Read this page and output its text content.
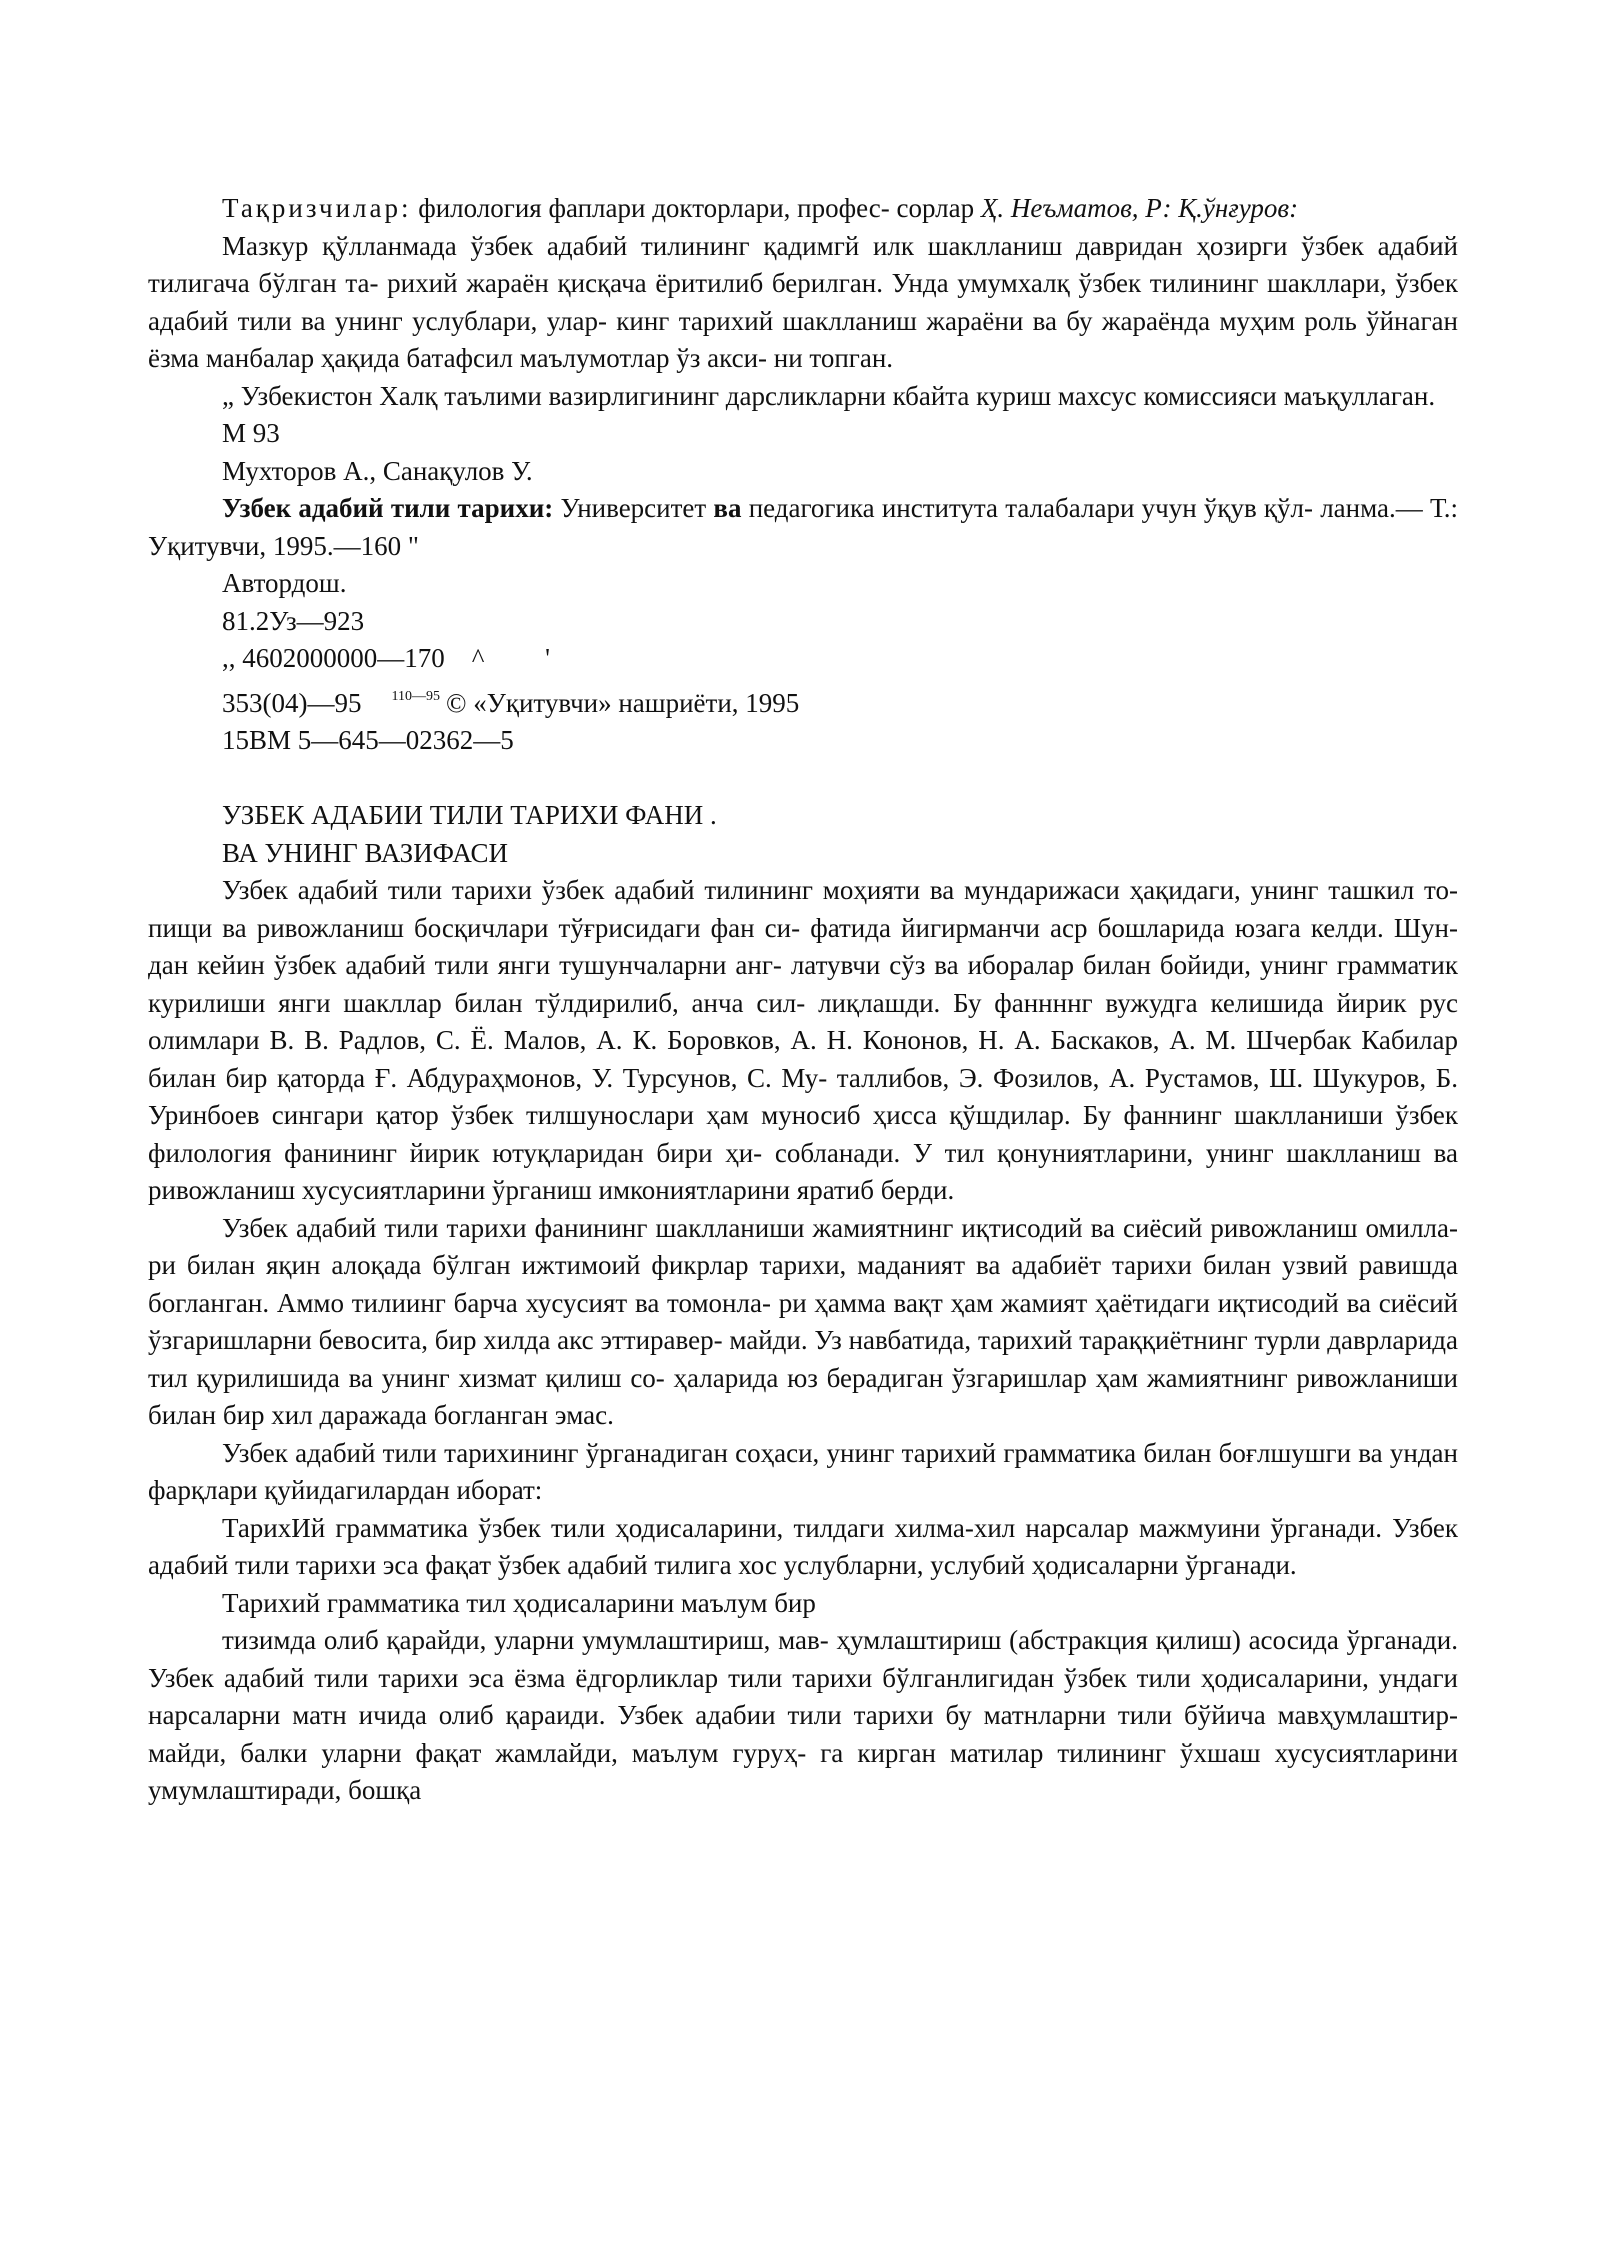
Тақризчилар: филология фаплари докторлари, профес- сорлар Ҳ. Неъматов, Р: Қ.ўнғуров:

Мазкур қўлланмада ўзбек адабий тилининг қадимгй илк шаклланиш давридан ҳозирги ўзбек адабий тилигача бўлган та- рихий жараён қисқача ёритилиб берилган. Унда умумхалқ ўзбек тилининг шакллари, ўзбек адабий тили ва унинг услублари, улар- кинг тарихий шаклланиш жараёни ва бу жараёнда муҳим роль ўйнаган ёзма манбалар ҳақида батафсил маълумотлар ўз акси- ни топган.

„ Узбекистон Халқ таълими вазирлигининг дарсликларни кбайта куриш махсус комиссияси маъқуллаган.

М 93

Мухторов А., Санақулов У.

Узбек адабий тили тарихи: Университет ва педагогика института талабалари учун ўқув қўл- ланма.— Т.: Уқитувчи, 1995.—160 "

Автордош.

81.2Уз—923

,, 4602000000—170    ^         '

353(04)—95 $^{110—95}$ © «Уқитувчи» нашриёти, 1995

15ВМ 5—645—02362—5

УЗБЕК АДАБИИ ТИЛИ ТАРИХИ ФАНИ .

ВА УНИНГ ВАЗИФАСИ

Узбек адабий тили тарихи ўзбек адабий тилининг моҳияти ва мундарижаси ҳақидаги, унинг ташкил то- пищи ва ривожланиш босқичлари тўғрисидаги фан си- фатида йигирманчи аср бошларида юзага келди. Шун- дан кейин ўзбек адабий тили янги тушунчаларни анг- латувчи сўз ва иборалар билан бойиди, унинг грамматик курилиши янги шакллар билан тўлдирилиб, анча сил- лиқлашди. Бу фаннннг вужудга келишида йирик рус олимлари В. В. Радлов, С. Ё. Малов, А. К. Боровков, А. Н. Кононов, Н. А. Баскаков, А. М. Шчербак Кабилар билан бир қаторда Ғ. Абдураҳмонов, У. Турсунов, С. Му- таллибов, Э. Фозилов, А. Рустамов, Ш. Шукуров, Б. Уринбоев сингари қатор ўзбек тилшунослари ҳам муносиб ҳисса қўшдилар. Бу фаннинг шаклланиши ўзбек филология фанининг йирик ютуқларидан бири ҳи- собланади. У тил қонуниятларини, унинг шаклланиш ва ривожланиш хусусиятларини ўрганиш имкониятларини яратиб берди.

Узбек адабий тили тарихи фанининг шаклланиши жамиятнинг иқтисодий ва сиёсий ривожланиш омилла- ри билан яқин алоқада бўлган ижтимоий фикрлар тарихи, маданият ва адабиёт тарихи билан узвий равишда богланган. Аммо тилиинг барча хусусият ва томонла- ри ҳамма вақт ҳам жамият ҳаётидаги иқтисодий ва сиёсий ўзгаришларни бевосита, бир хилда акс эттиравер- майди. Уз навбатида, тарихий тараққиётнинг турли даврларида тил қурилишида ва унинг хизмат қилиш со- ҳаларида юз берадиган ўзгаришлар ҳам жамиятнинг ривожланиши билан бир хил даражада богланган эмас.

Узбек адабий тили тарихининг ўрганадиган соҳаси, унинг тарихий грамматика билан боғлшушги ва ундан фарқлари қуйидагилардан иборат:

ТарихИй грамматика ўзбек тили ҳодисаларини, тилдаги хилма-хил нарсалар мажмуини ўрганади. Узбек адабий тили тарихи эса фақат ўзбек адабий тилига хос услубларни, услубий ҳодисаларни ўрганади.

Тарихий грамматика тил ҳодисаларини маълум бир

тизимда олиб қарайди, уларни умумлаштириш, мав- ҳумлаштириш (абстракция қилиш) асосида ўрганади. Узбек адабий тили тарихи эса ёзма ёдгорликлар тили тарихи бўлганлигидан ўзбек тили ҳодисаларини, ундаги нарсаларни матн ичида олиб қараиди. Узбек адабии тили тарихи бу матнларни тили бўйича мавҳумлаштир- майди, балки уларни фақат жамлайди, маълум гуруҳ- га кирган матилар тилининг ўхшаш хусусиятларини умумлаштиради, бошқа
